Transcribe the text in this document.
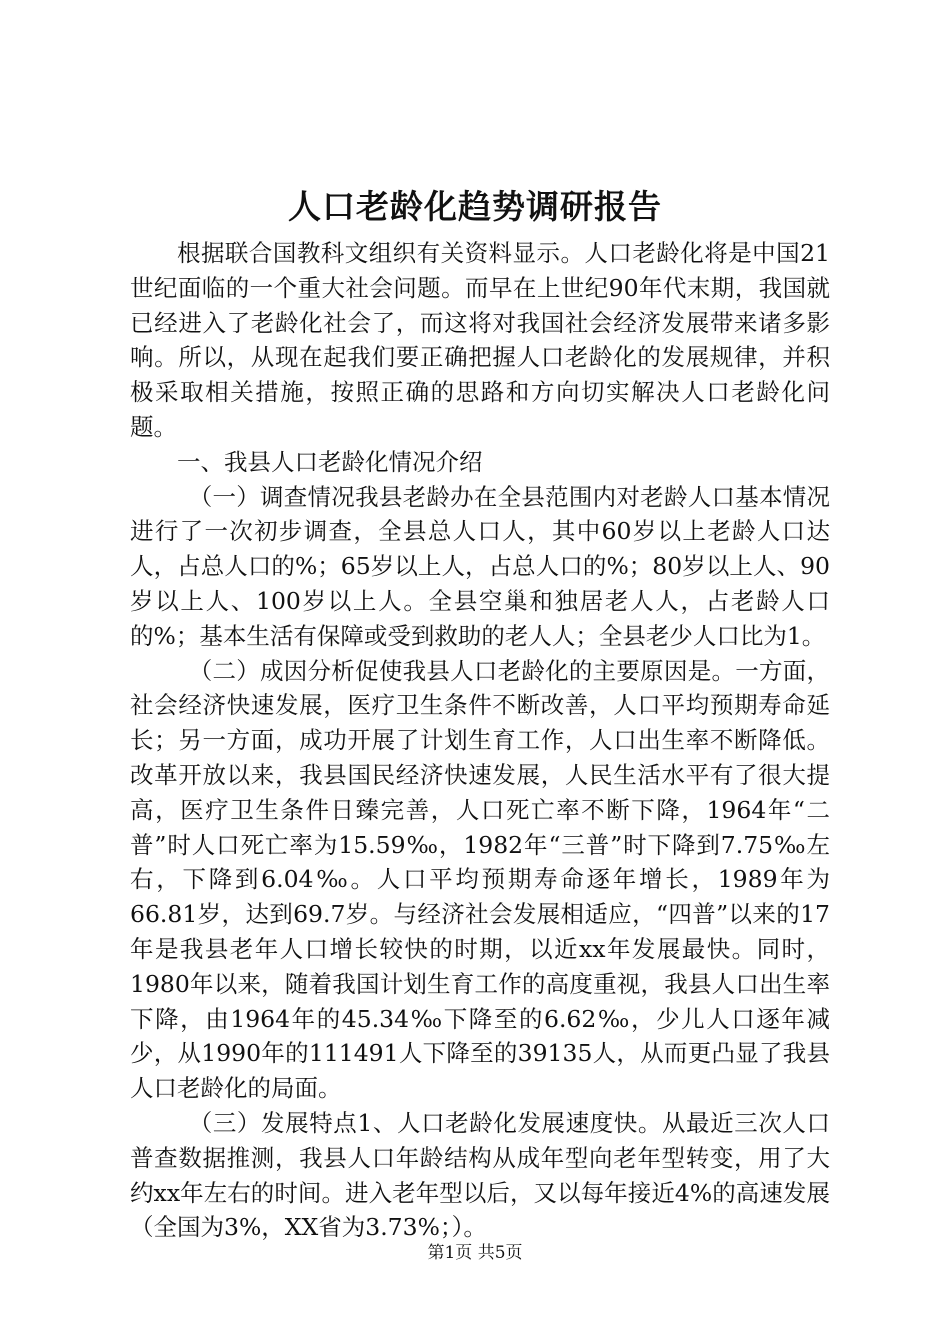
人口老龄化趋势调研报告

根据联合国教科文组织有关资料显示。人口老龄化将是中国21世纪面临的一个重大社会问题。而早在上世纪90年代末期，我国就已经进入了老龄化社会了，而这将对我国社会经济发展带来诸多影响。所以，从现在起我们要正确把握人口老龄化的发展规律，并积极采取相关措施，按照正确的思路和方向切实解决人口老龄化问题。

一、我县人口老龄化情况介绍

（一）调查情况我县老龄办在全县范围内对老龄人口基本情况进行了一次初步调查，全县总人口人，其中60岁以上老龄人口达人，占总人口的%；65岁以上人，占总人口的%；80岁以上人、90岁以上人、100岁以上人。全县空巢和独居老人人，占老龄人口的%；基本生活有保障或受到救助的老人人；全县老少人口比为1。

（二）成因分析促使我县人口老龄化的主要原因是。一方面，社会经济快速发展，医疗卫生条件不断改善，人口平均预期寿命延长；另一方面，成功开展了计划生育工作，人口出生率不断降低。改革开放以来，我县国民经济快速发展，人民生活水平有了很大提高，医疗卫生条件日臻完善，人口死亡率不断下降，1964年“二普”时人口死亡率为15.59‰，1982年“三普”时下降到7.75‰左右，下降到6.04‰。人口平均预期寿命逐年增长，1989年为66.81岁，达到69.7岁。与经济社会发展相适应，“四普”以来的17年是我县老年人口增长较快的时期，以近xx年发展最快。同时，1980年以来，随着我国计划生育工作的高度重视，我县人口出生率下降，由1964年的45.34‰下降至的6.62‰，少儿人口逐年减少，从1990年的111491人下降至的39135人，从而更凸显了我县人口老龄化的局面。

（三）发展特点1、人口老龄化发展速度快。从最近三次人口普查数据推测，我县人口年龄结构从成年型向老年型转变，用了大约xx年左右的时间。进入老年型以后，又以每年接近4%的高速发展（全国为3%，XX省为3.73%；）。

第1页 共5页
